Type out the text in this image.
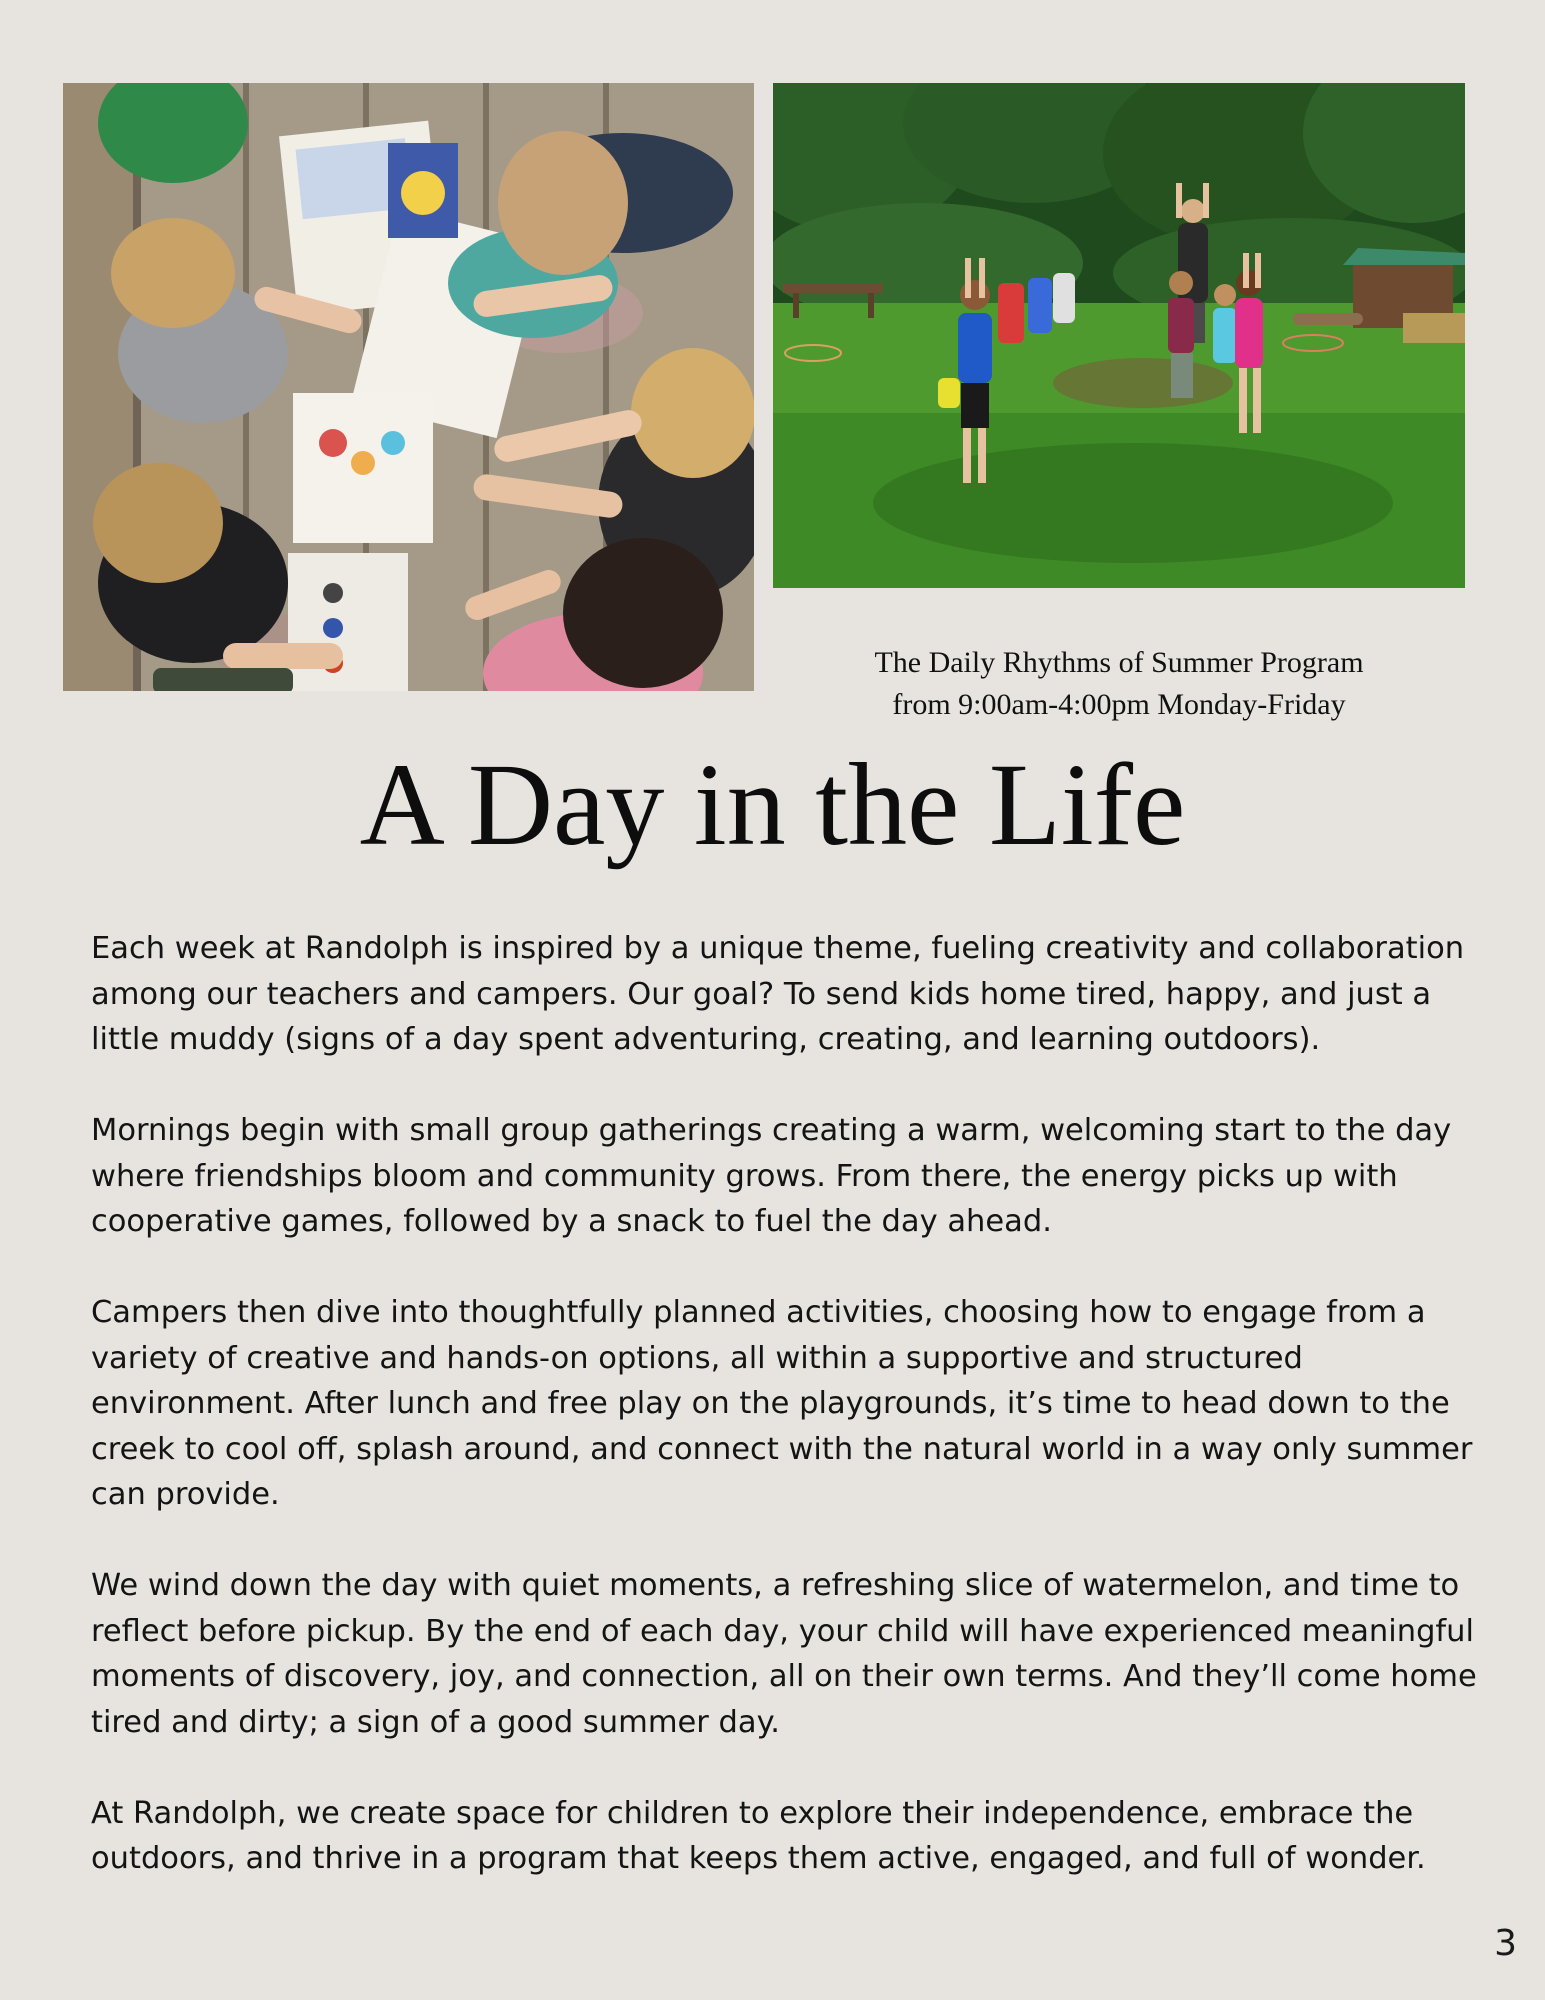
The Daily Rhythms of Summer Program
from 9:00am-4:00pm Monday-Friday
A Day in the Life

Each week at Randolph is inspired by a unique theme, fueling creativity and collaboration among our teachers and campers. Our goal? To send kids home tired, happy, and just a little muddy (signs of a day spent adventuring, creating, and learning outdoors).

Mornings begin with small group gatherings creating a warm, welcoming start to the day where friendships bloom and community grows. From there, the energy picks up with cooperative games, followed by a snack to fuel the day ahead.

Campers then dive into thoughtfully planned activities, choosing how to engage from a variety of creative and hands-on options, all within a supportive and structured environment. After lunch and free play on the playgrounds, it’s time to head down to the creek to cool off, splash around, and connect with the natural world in a way only summer can provide.

We wind down the day with quiet moments, a refreshing slice of watermelon, and time to reflect before pickup. By the end of each day, your child will have experienced meaningful moments of discovery, joy, and connection, all on their own terms. And they’ll come home tired and dirty; a sign of a good summer day.

At Randolph, we create space for children to explore their independence, embrace the outdoors, and thrive in a program that keeps them active, engaged, and full of wonder.

3
